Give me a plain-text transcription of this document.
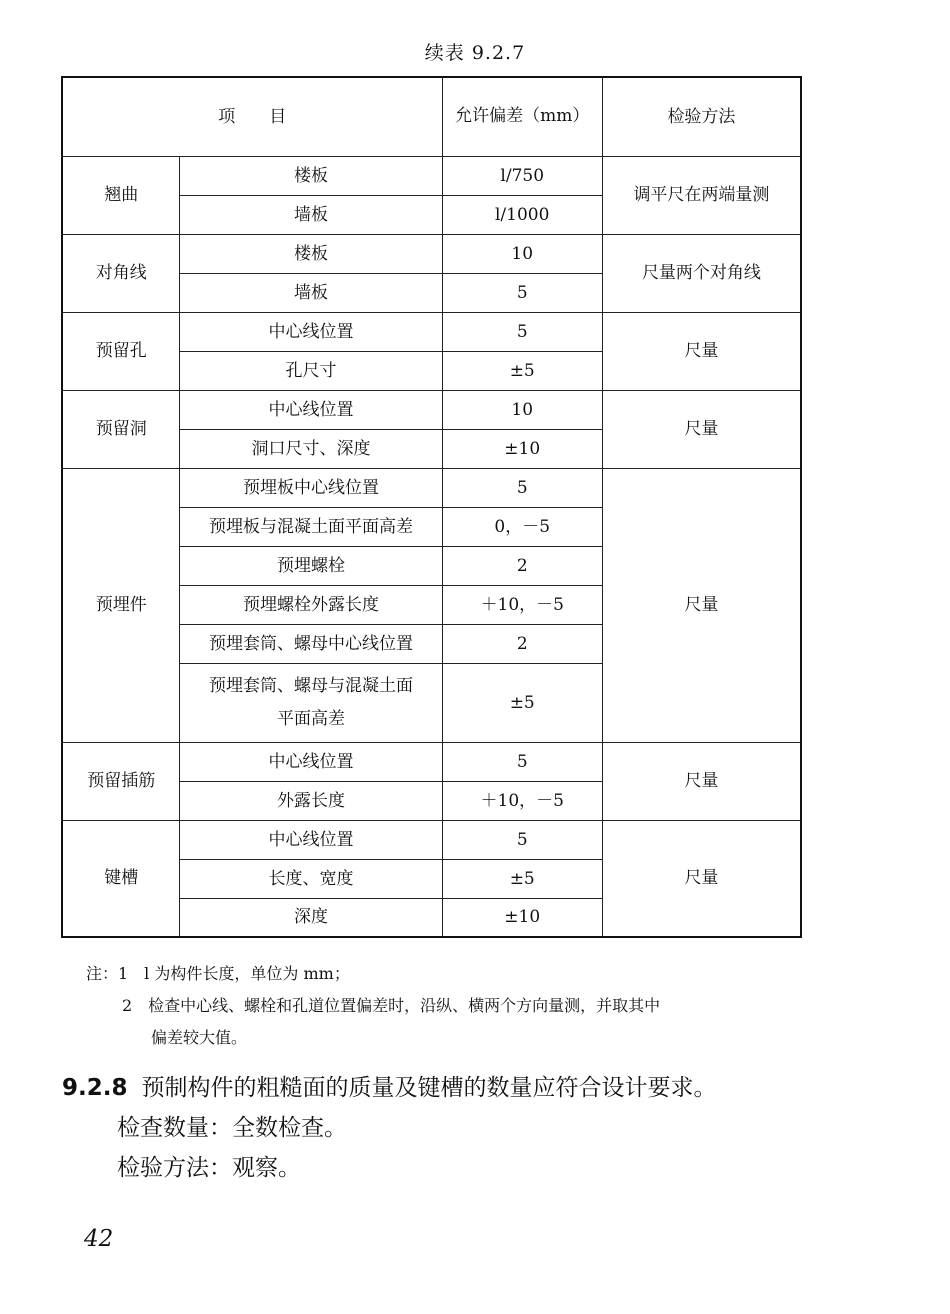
续表 9.2.7
项　　目		允许偏差（mm）	检验方法
翘曲	楼板	l/750	调平尺在两端量测
	墙板	l/1000	
对角线	楼板	10	尺量两个对角线
	墙板	5	
预留孔	中心线位置	5	尺量
	孔尺寸	±5	
预留洞	中心线位置	10	尺量
	洞口尺寸、深度	±10	
预埋件	预埋板中心线位置	5	尺量
	预埋板与混凝土面平面高差	0，－5	
	预埋螺栓	2	
	预埋螺栓外露长度	＋10，－5	
	预埋套筒、螺母中心线位置	2	
	预埋套筒、螺母与混凝土面平面高差	±5	
预留插筋	中心线位置	5	尺量
	外露长度	＋10，－5	
键槽	中心线位置	5	尺量
	长度、宽度	±5	
	深度	±10	
注：1　l 为构件长度，单位为 mm；
2　检查中心线、螺栓和孔道位置偏差时，沿纵、横两个方向量测，并取其中
偏差较大值。
9.2.8 预制构件的粗糙面的质量及键槽的数量应符合设计要求。
检查数量：全数检查。
检验方法：观察。
42
